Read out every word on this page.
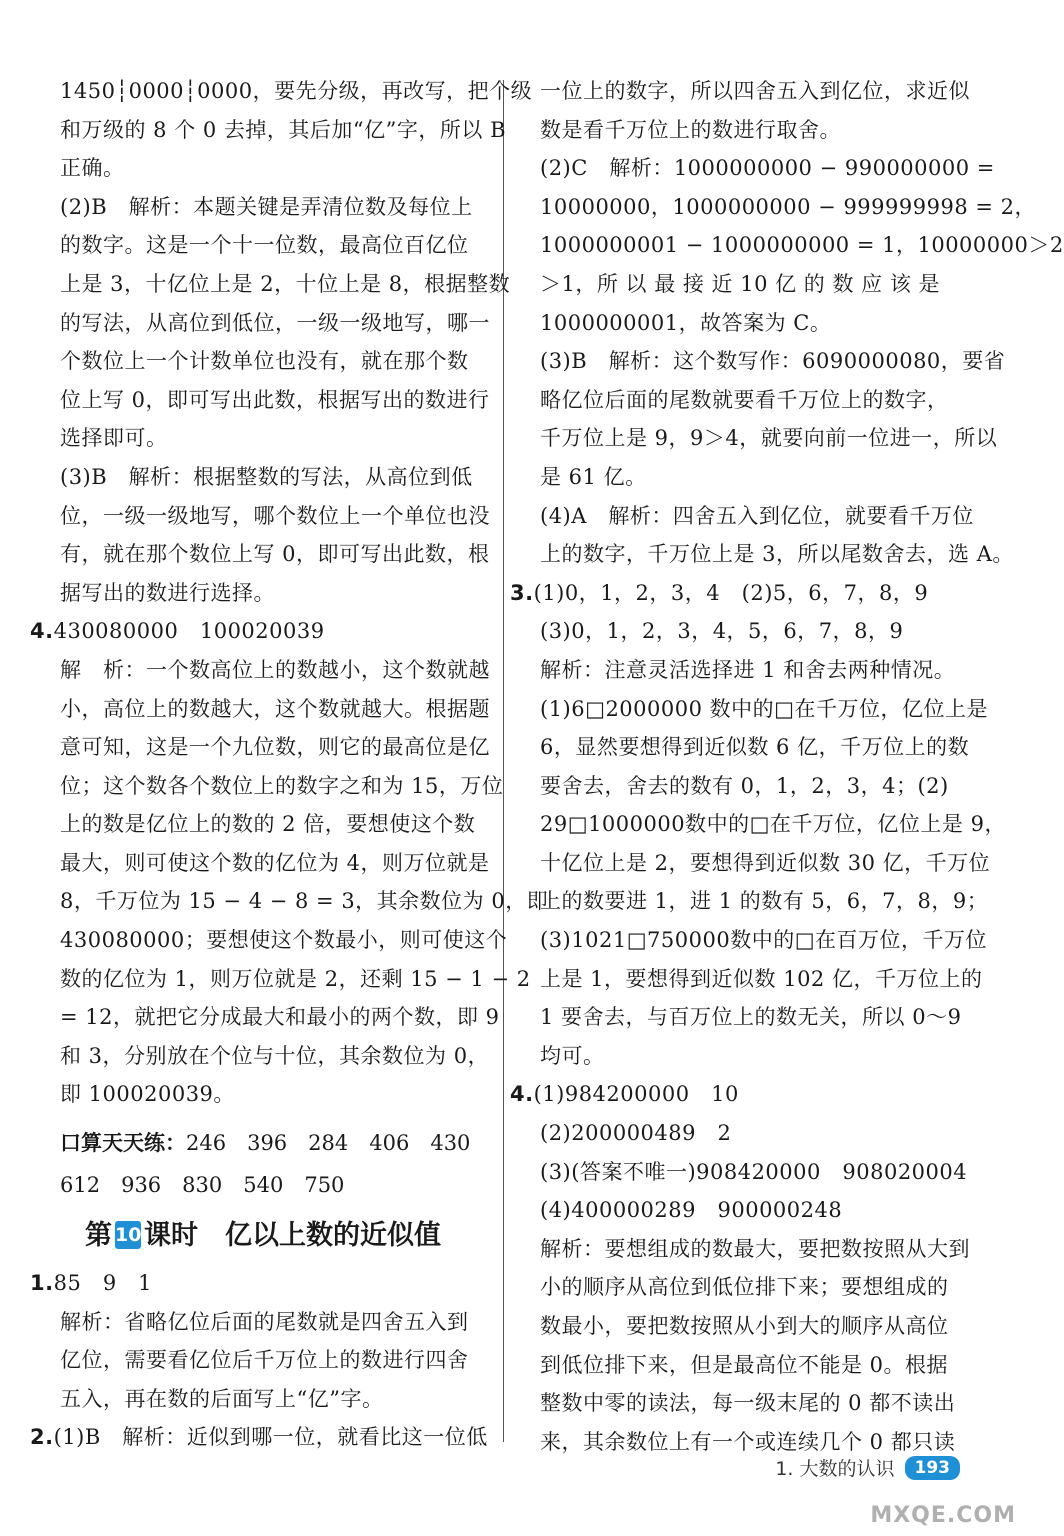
1450┆0000┆0000，要先分级，再改写，把个级
和万级的 8 个 0 去掉，其后加“亿”字，所以 B
正确。
(2)B　解析：本题关键是弄清位数及每位上
的数字。这是一个十一位数，最高位百亿位
上是 3，十亿位上是 2，十位上是 8，根据整数
的写法，从高位到低位，一级一级地写，哪一
个数位上一个计数单位也没有，就在那个数
位上写 0，即可写出此数，根据写出的数进行
选择即可。
(3)B　解析：根据整数的写法，从高位到低
位，一级一级地写，哪个数位上一个单位也没
有，就在那个数位上写 0，即可写出此数，根
据写出的数进行选择。
4.430080000　100020039
解　析：一个数高位上的数越小，这个数就越
小，高位上的数越大，这个数就越大。根据题
意可知，这是一个九位数，则它的最高位是亿
位；这个数各个数位上的数字之和为 15，万位
上的数是亿位上的数的 2 倍，要想使这个数
最大，则可使这个数的亿位为 4，则万位就是
8，千万位为 15 − 4 − 8 = 3，其余数位为 0，即
430080000；要想使这个数最小，则可使这个
数的亿位为 1，则万位就是 2，还剩 15 − 1 − 2
= 12，就把它分成最大和最小的两个数，即 9
和 3，分别放在个位与十位，其余数位为 0，
即 100020039。
口算天天练：246　396　284　406　430
612　936　830　540　750
第 10课时　亿以上数的近似值
1.85　9　1
解析：省略亿位后面的尾数就是四舍五入到
亿位，需要看亿位后千万位上的数进行四舍
五入，再在数的后面写上“亿”字。
2.(1)B　解析：近似到哪一位，就看比这一位低
一位上的数字，所以四舍五入到亿位，求近似
数是看千万位上的数进行取舍。
(2)C　解析：1000000000 − 990000000 =
10000000，1000000000 − 999999998 = 2，
1000000001 − 1000000000 = 1，10000000＞2
＞1，所 以 最 接 近 10 亿 的 数 应 该 是
1000000001，故答案为 C。
(3)B　解析：这个数写作：6090000080，要省
略亿位后面的尾数就要看千万位上的数字，
千万位上是 9，9＞4，就要向前一位进一，所以
是 61 亿。
(4)A　解析：四舍五入到亿位，就要看千万位
上的数字，千万位上是 3，所以尾数舍去，选 A。
3.(1)0，1，2，3，4　(2)5，6，7，8，9
(3)0，1，2，3，4，5，6，7，8，9
解析：注意灵活选择进 1 和舍去两种情况。
(1)6□2000000 数中的□在千万位，亿位上是
6，显然要想得到近似数 6 亿，千万位上的数
要舍去，舍去的数有 0，1，2，3，4；(2)
29□1000000数中的□在千万位，亿位上是 9，
十亿位上是 2，要想得到近似数 30 亿，千万位
上的数要进 1，进 1 的数有 5，6，7，8，9；
(3)1021□750000数中的□在百万位，千万位
上是 1，要想得到近似数 102 亿，千万位上的
1 要舍去，与百万位上的数无关，所以 0～9
均可。
4.(1)984200000　10
(2)200000489　2
(3)(答案不唯一)908420000　908020004
(4)400000289　900000248
解析：要想组成的数最大，要把数按照从大到
小的顺序从高位到低位排下来；要想组成的
数最小，要把数按照从小到大的顺序从高位
到低位排下来，但是最高位不能是 0。根据
整数中零的读法，每一级末尾的 0 都不读出
来，其余数位上有一个或连续几个 0 都只读
1. 大数的认识	193
MXQE.COM
